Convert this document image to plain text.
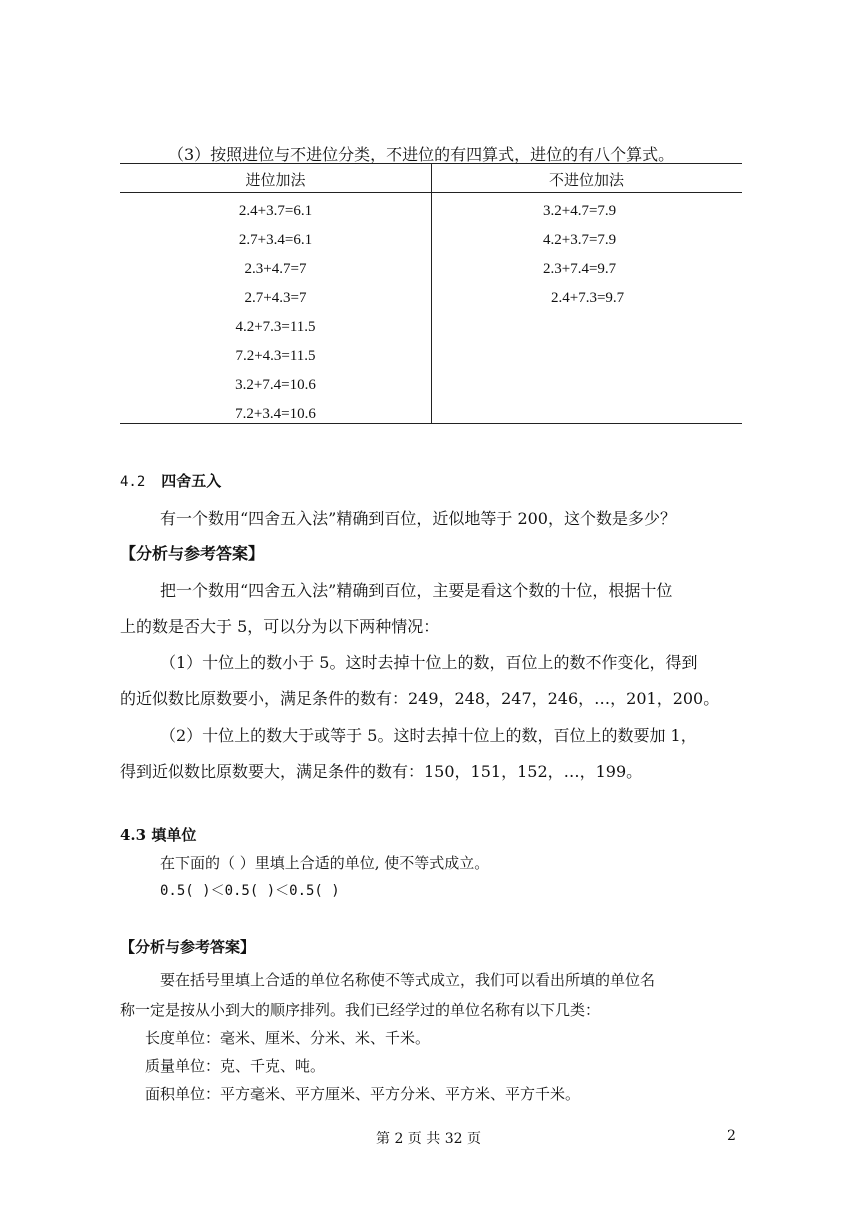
（3）按照进位与不进位分类，不进位的有四算式，进位的有八个算式。
进位加法	不进位加法
2.4+3.7=6.1
2.7+3.4=6.1
2.3+4.7=7
2.7+4.3=7
4.2+7.3=11.5
7.2+4.3=11.5
3.2+7.4=10.6
7.2+3.4=10.6
3.2+4.7=7.9
4.2+3.7=7.9
2.3+7.4=9.7
2.4+7.3=9.7
4.2 四舍五入
有一个数用“四舍五入法”精确到百位，近似地等于 200，这个数是多少？
【分析与参考答案】
把一个数用“四舍五入法”精确到百位，主要是看这个数的十位，根据十位
上的数是否大于 5，可以分为以下两种情况：
（1）十位上的数小于 5。这时去掉十位上的数，百位上的数不作变化，得到
的近似数比原数要小，满足条件的数有：249，248，247，246，…，201，200。
（2）十位上的数大于或等于 5。这时去掉十位上的数，百位上的数要加 1，
得到近似数比原数要大，满足条件的数有：150，151，152，…，199。
4.3 填单位
在下面的（ ）里填上合适的单位, 使不等式成立。
0.5( )＜0.5( )＜0.5( )
【分析与参考答案】
要在括号里填上合适的单位名称使不等式成立，我们可以看出所填的单位名
称一定是按从小到大的顺序排列。我们已经学过的单位名称有以下几类：
长度单位：毫米、厘米、分米、米、千米。
质量单位：克、千克、吨。
面积单位：平方毫米、平方厘米、平方分米、平方米、平方千米。
第 2 页 共 32 页	2
